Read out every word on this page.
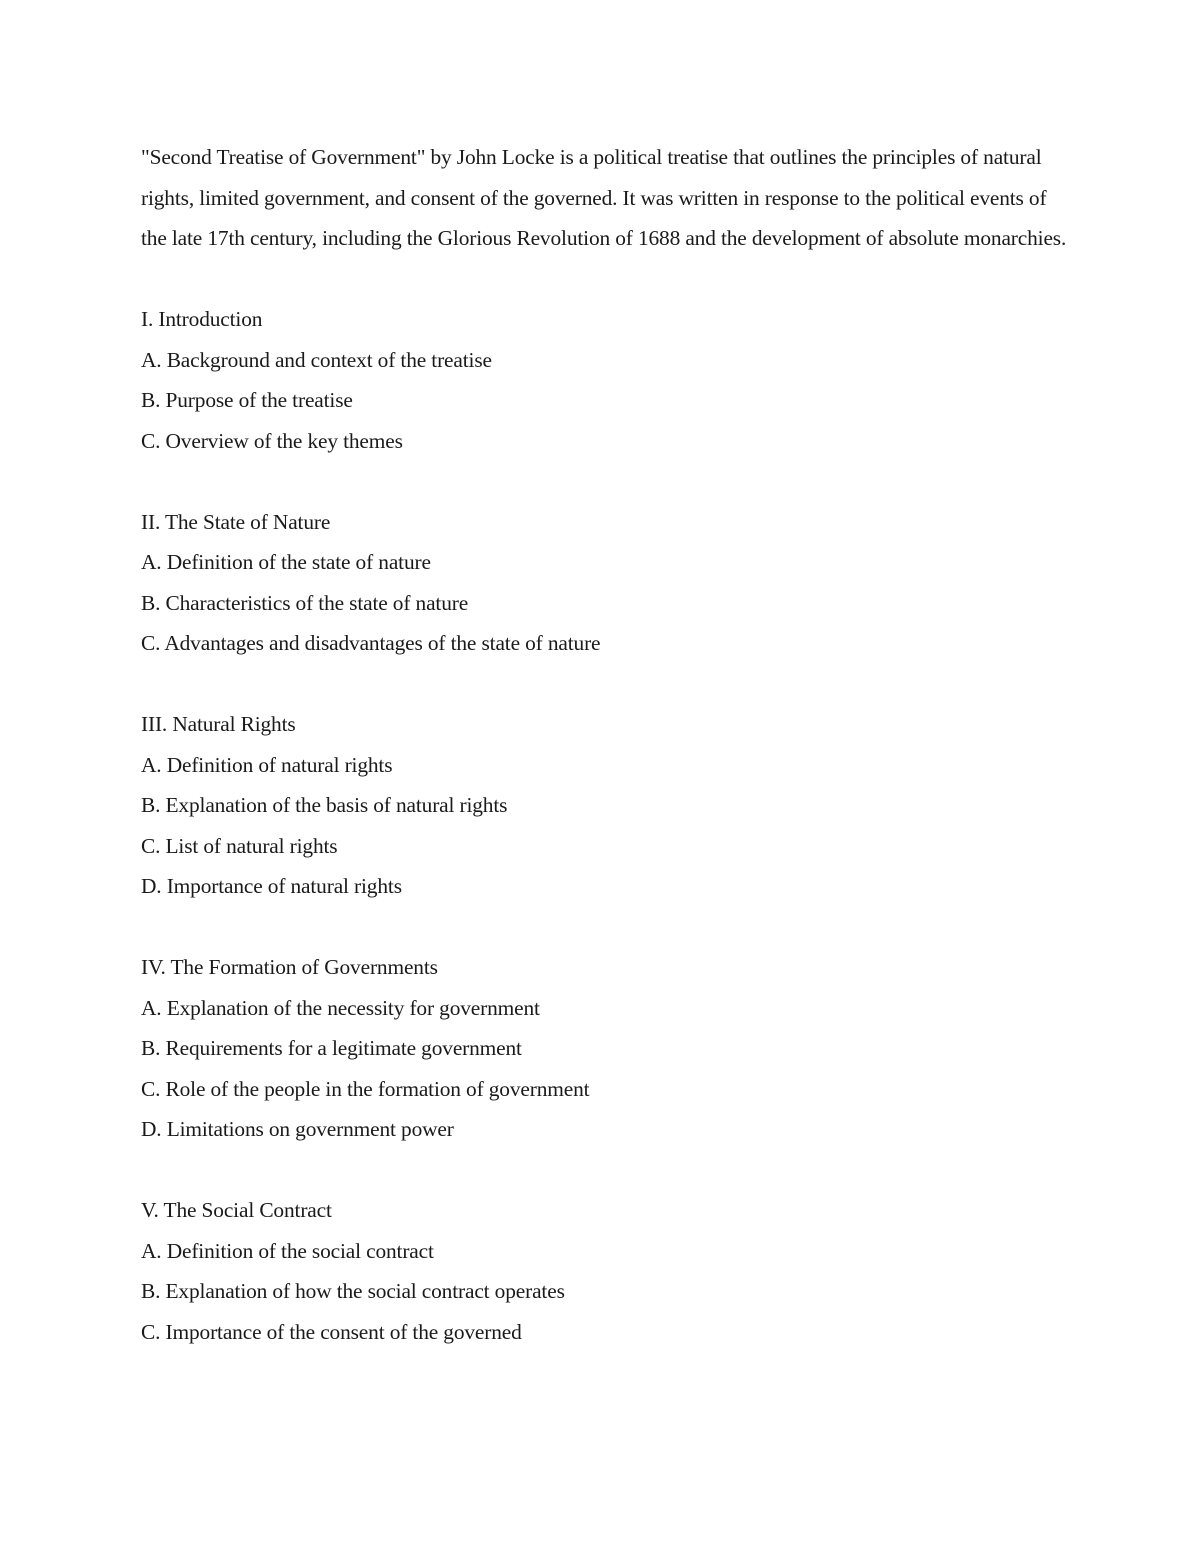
"Second Treatise of Government" by John Locke is a political treatise that outlines the principles of natural rights, limited government, and consent of the governed. It was written in response to the political events of the late 17th century, including the Glorious Revolution of 1688 and the development of absolute monarchies.

I. Introduction
A. Background and context of the treatise
B. Purpose of the treatise
C. Overview of the key themes
II. The State of Nature
A. Definition of the state of nature
B. Characteristics of the state of nature
C. Advantages and disadvantages of the state of nature
III. Natural Rights
A. Definition of natural rights
B. Explanation of the basis of natural rights
C. List of natural rights
D. Importance of natural rights
IV. The Formation of Governments
A. Explanation of the necessity for government
B. Requirements for a legitimate government
C. Role of the people in the formation of government
D. Limitations on government power
V. The Social Contract
A. Definition of the social contract
B. Explanation of how the social contract operates
C. Importance of the consent of the governed
